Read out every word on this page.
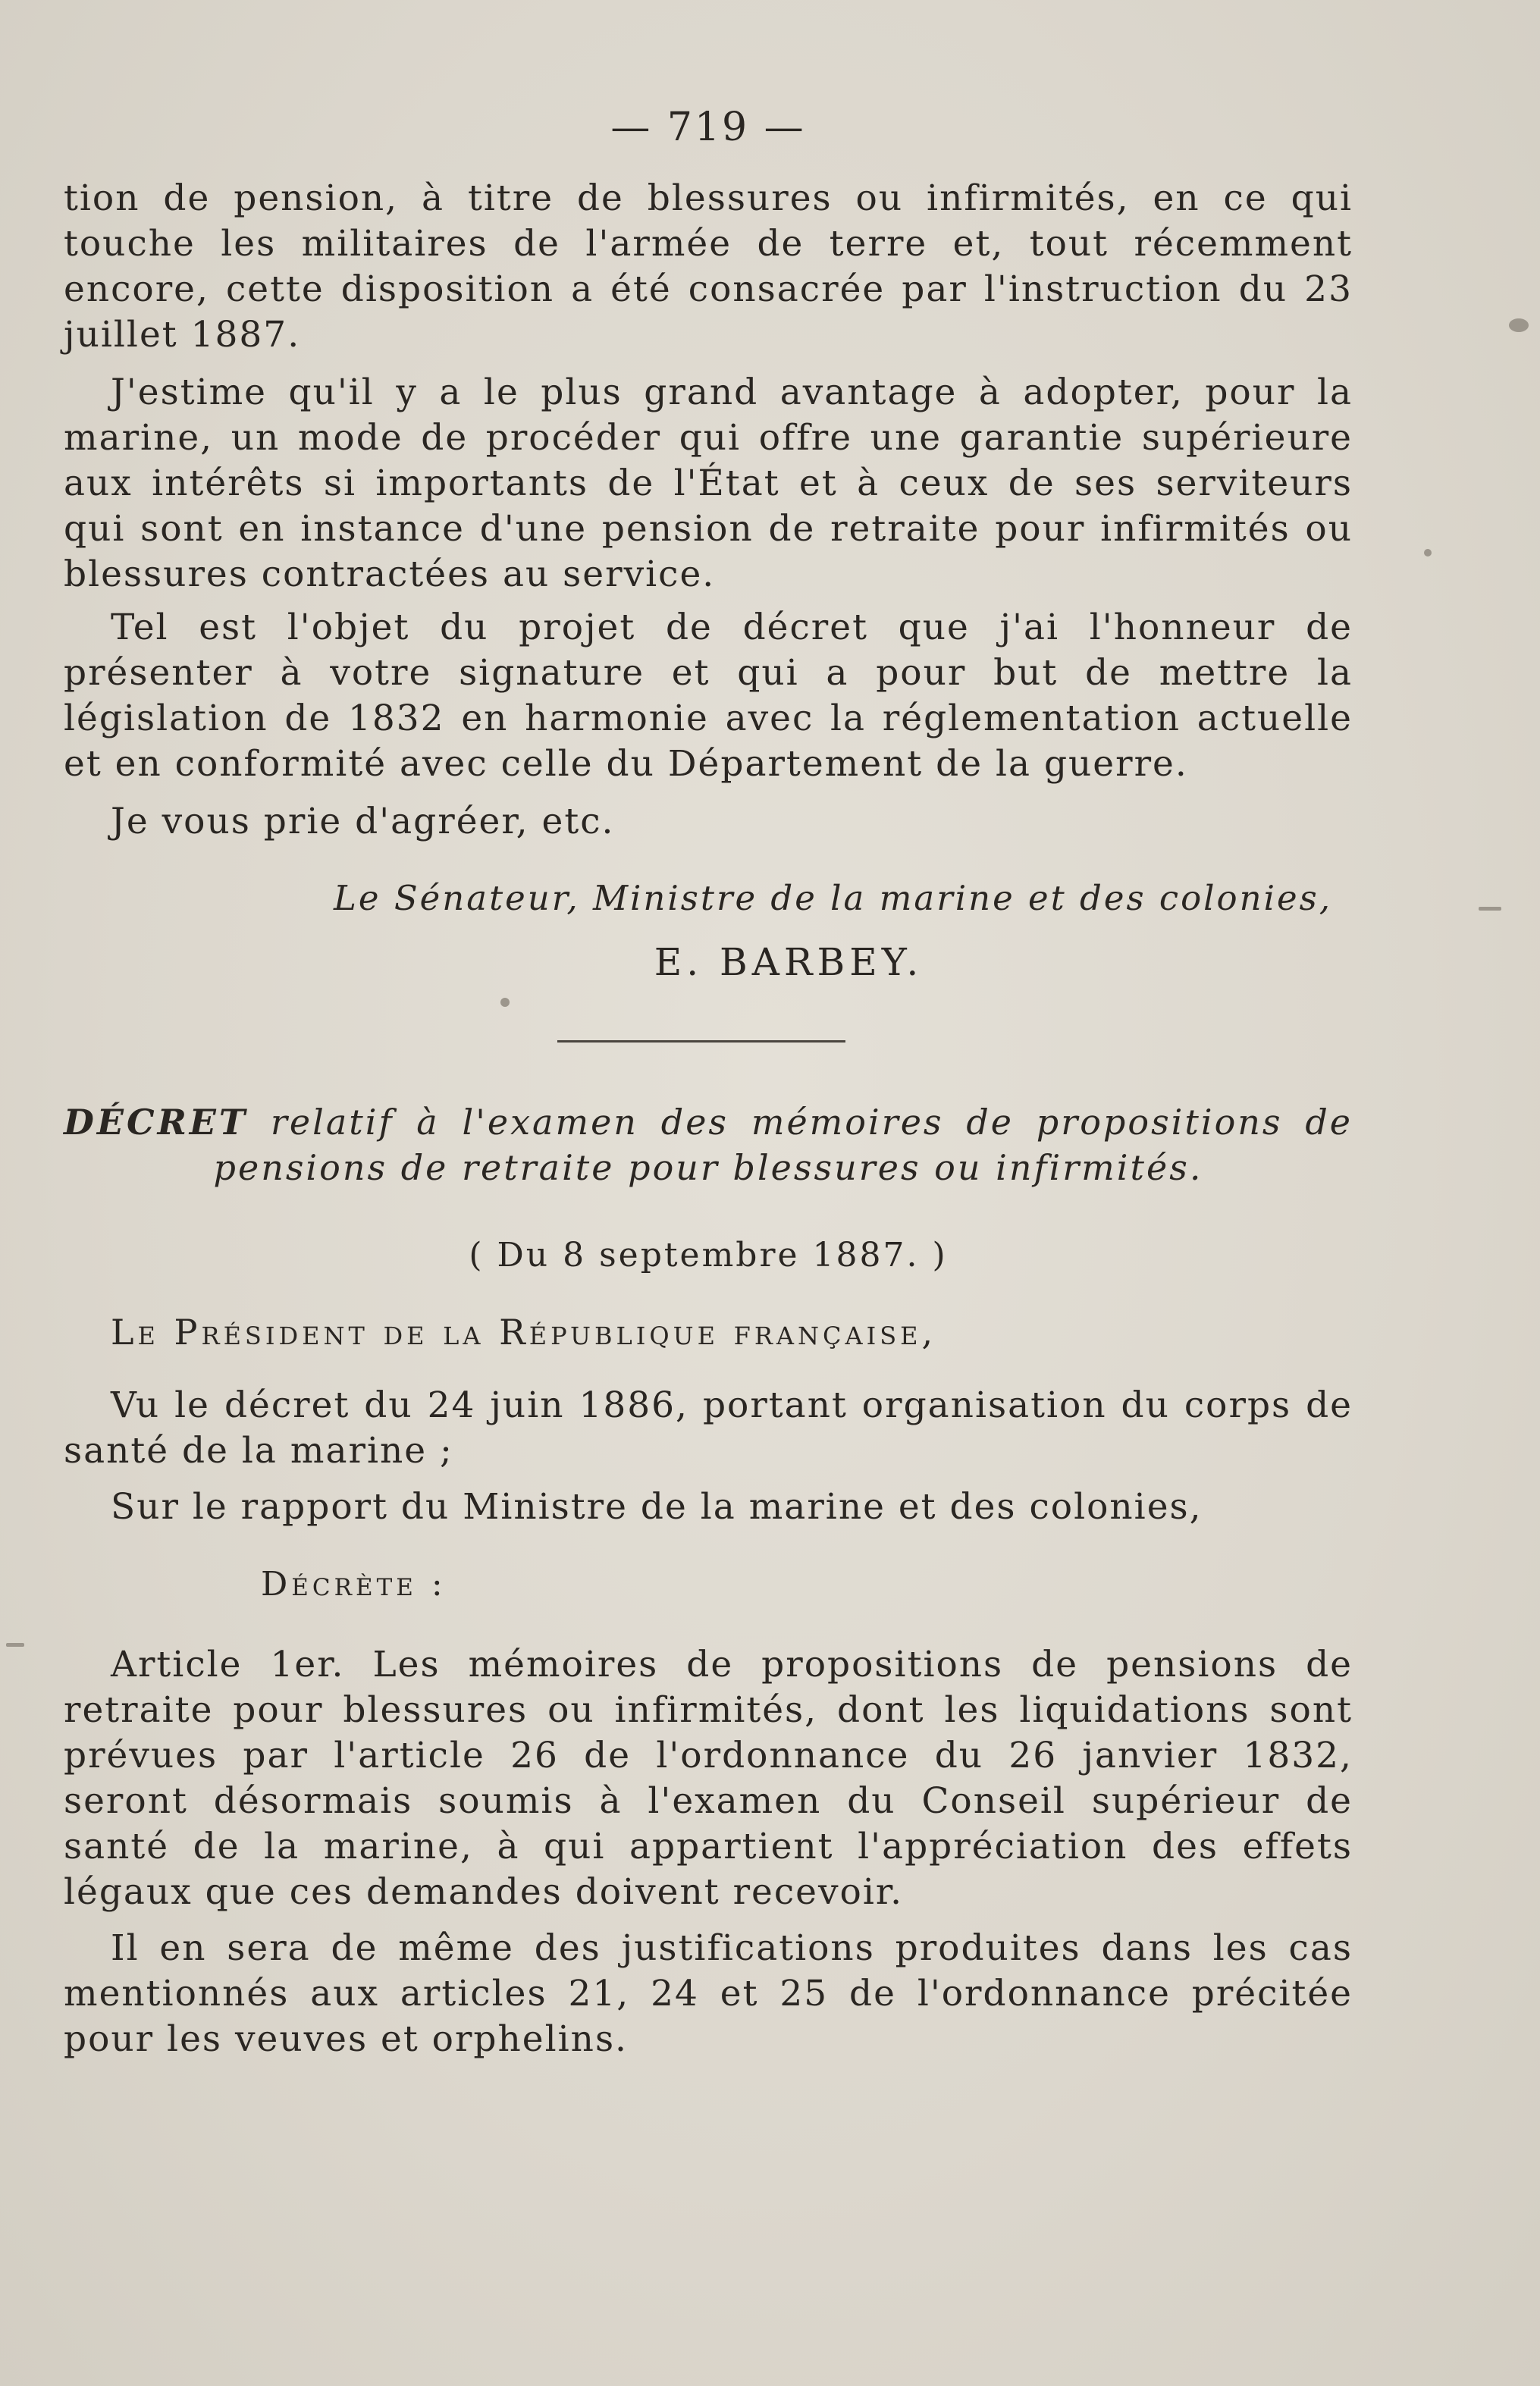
— 719 —

tion de pension, à titre de blessures ou infirmités, en ce qui touche les militaires de l'armée de terre et, tout récemment encore, cette disposition a été consacrée par l'instruction du 23 juillet 1887.

J'estime qu'il y a le plus grand avantage à adopter, pour la marine, un mode de procéder qui offre une garantie supérieure aux intérêts si importants de l'État et à ceux de ses serviteurs qui sont en instance d'une pension de retraite pour infirmités ou blessures contractées au service.

Tel est l'objet du projet de décret que j'ai l'honneur de présenter à votre signature et qui a pour but de mettre la législation de 1832 en harmonie avec la réglementation actuelle et en conformité avec celle du Département de la guerre.

Je vous prie d'agréer, etc.

Le Sénateur, Ministre de la marine et des colonies,

E. BARBEY.

DÉCRET relatif à l'examen des mémoires de propositions de pensions de retraite pour blessures ou infirmités.

( Du 8 septembre 1887. )

Le Président de la République française,

Vu le décret du 24 juin 1886, portant organisation du corps de santé de la marine ;

Sur le rapport du Ministre de la marine et des colonies,

Décrète :

Article 1er. Les mémoires de propositions de pensions de retraite pour blessures ou infirmités, dont les liquidations sont prévues par l'article 26 de l'ordonnance du 26 janvier 1832, seront désormais soumis à l'examen du Conseil supérieur de santé de la marine, à qui appartient l'appréciation des effets légaux que ces demandes doivent recevoir.

Il en sera de même des justifications produites dans les cas mentionnés aux articles 21, 24 et 25 de l'ordonnance précitée pour les veuves et orphelins.
